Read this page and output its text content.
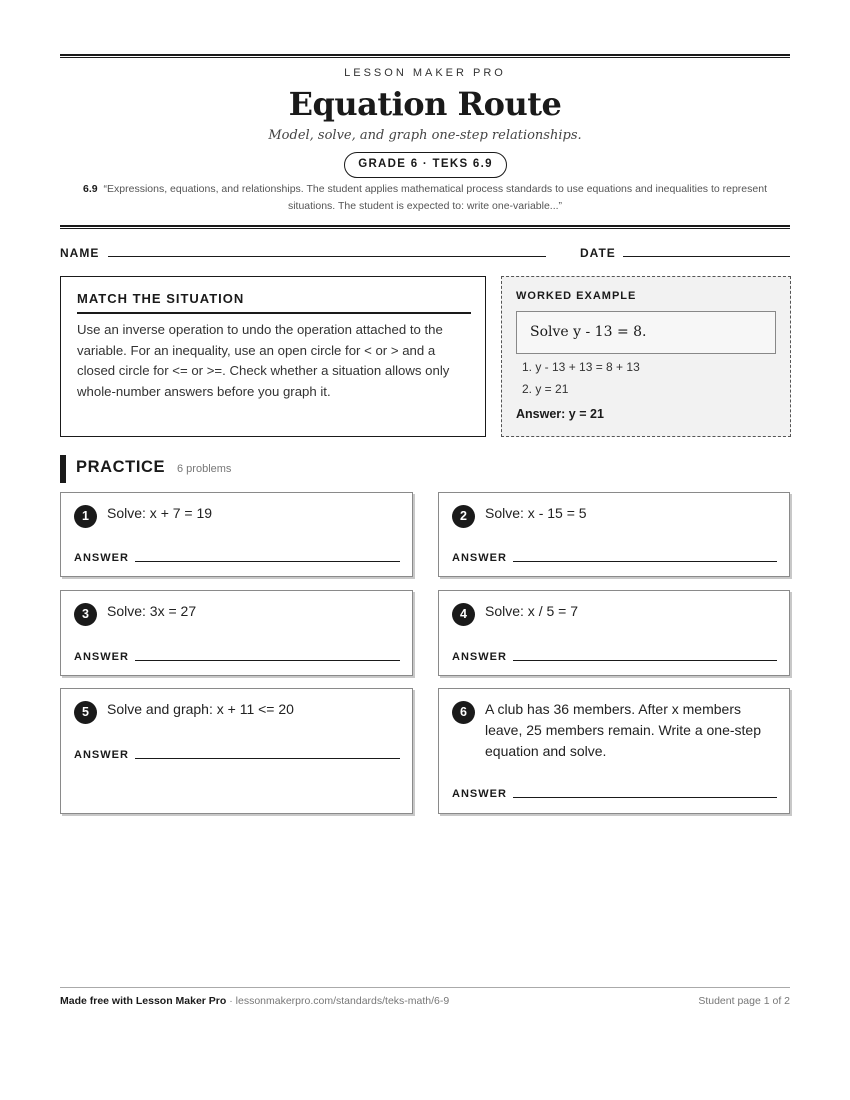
LESSON MAKER PRO
Equation Route
Model, solve, and graph one-step relationships.
GRADE 6 · TEKS 6.9
6.9 “Expressions, equations, and relationships. The student applies mathematical process standards to use equations and inequalities to represent situations. The student is expected to: write one-variable...”
NAME	DATE
MATCH THE SITUATION

Use an inverse operation to undo the operation attached to the variable. For an inequality, use an open circle for < or > and a closed circle for <= or >=. Check whether a situation allows only whole-number answers before you graph it.

WORKED EXAMPLE
Solve y - 13 = 8.
1. y - 13 + 13 = 8 + 13
2. y = 21
Answer: y = 21
PRACTICE 6 problems
1	Solve: x + 7 = 19
ANSWER
2	Solve: x - 15 = 5
ANSWER
3	Solve: 3x = 27
ANSWER
4	Solve: x / 5 = 7
ANSWER
5	Solve and graph: x + 11 <= 20
ANSWER
6	A club has 36 members. After x members leave, 25 members remain. Write a one-step equation and solve.
ANSWER
Made free with Lesson Maker Pro · lessonmakerpro.com/standards/teks-math/6-9	Student page 1 of 2
